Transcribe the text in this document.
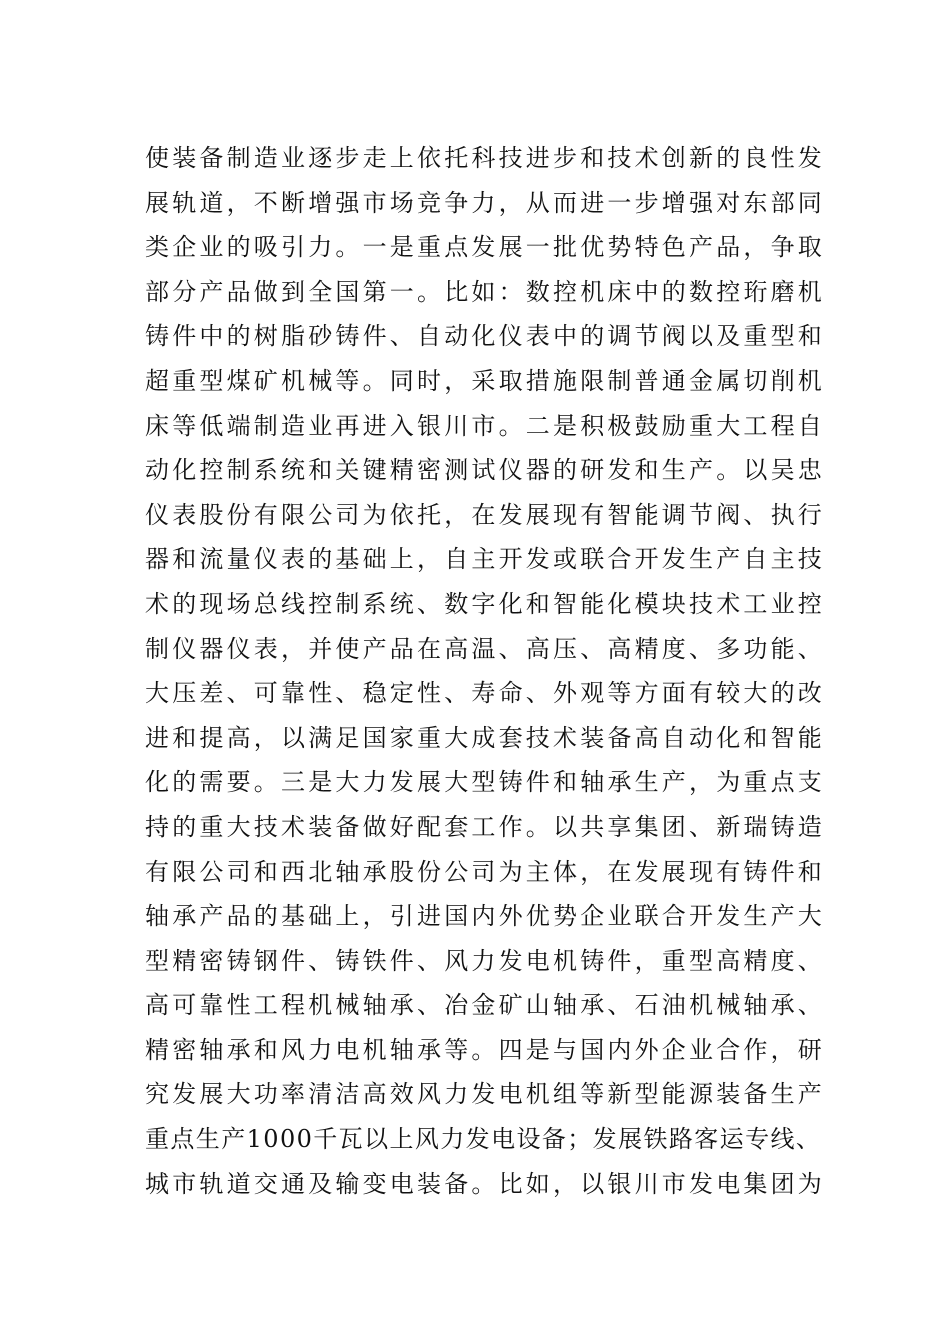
使装备制造业逐步走上依托科技进步和技术创新的良性发
展轨道，不断增强市场竞争力，从而进一步增强对东部同
类企业的吸引力。一是重点发展一批优势特色产品，争取
部分产品做到全国第一。比如：数控机床中的数控珩磨机
铸件中的树脂砂铸件、自动化仪表中的调节阀以及重型和
超重型煤矿机械等。同时，采取措施限制普通金属切削机
床等低端制造业再进入银川市。二是积极鼓励重大工程自
动化控制系统和关键精密测试仪器的研发和生产。以吴忠
仪表股份有限公司为依托，在发展现有智能调节阀、执行
器和流量仪表的基础上，自主开发或联合开发生产自主技
术的现场总线控制系统、数字化和智能化模块技术工业控
制仪器仪表，并使产品在高温、高压、高精度、多功能、
大压差、可靠性、稳定性、寿命、外观等方面有较大的改
进和提高，以满足国家重大成套技术装备高自动化和智能
化的需要。三是大力发展大型铸件和轴承生产，为重点支
持的重大技术装备做好配套工作。以共享集团、新瑞铸造
有限公司和西北轴承股份公司为主体，在发展现有铸件和
轴承产品的基础上，引进国内外优势企业联合开发生产大
型精密铸钢件、铸铁件、风力发电机铸件，重型高精度、
高可靠性工程机械轴承、冶金矿山轴承、石油机械轴承、
精密轴承和风力电机轴承等。四是与国内外企业合作，研
究发展大功率清洁高效风力发电机组等新型能源装备生产
重点生产1000千瓦以上风力发电设备；发展铁路客运专线、
城市轨道交通及输变电装备。比如，以银川市发电集团为
